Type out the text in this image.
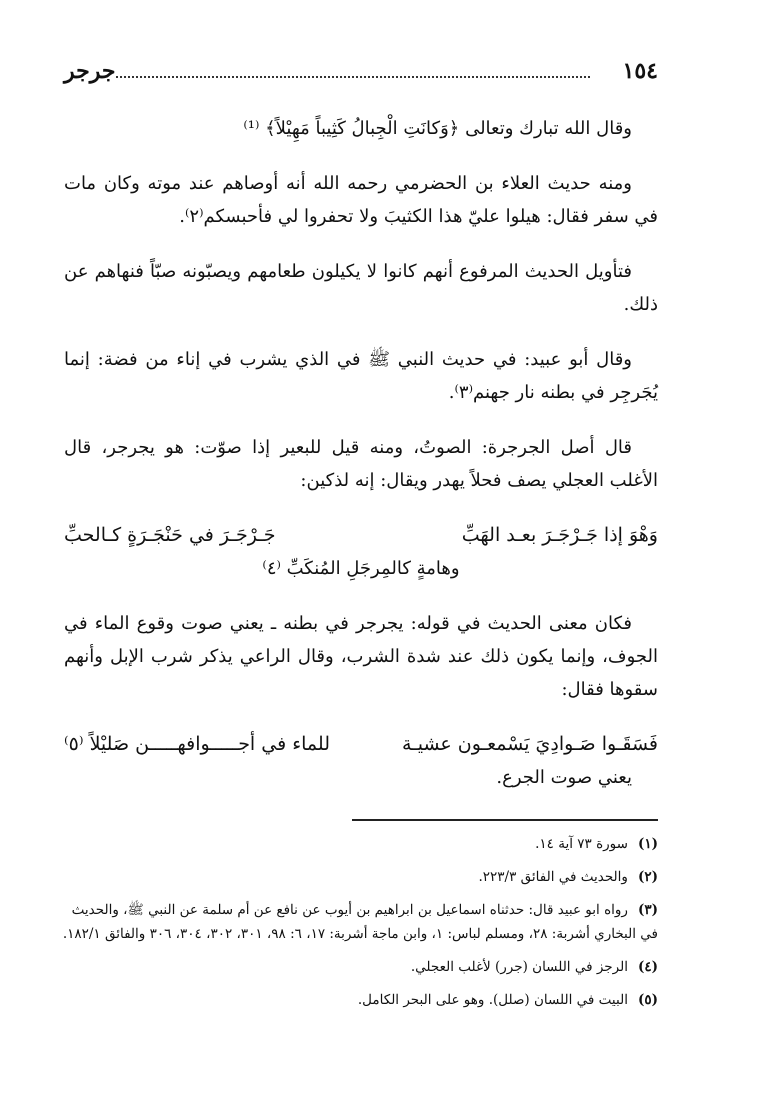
جرجر	١٥٤

وقال الله تبارك وتعالى ﴿وَكانَتِ الْجِبالُ كَثِيباً مَهِيْلاً﴾ ⁽¹⁾

ومنه حديث العلاء بن الحضرمي رحمه الله أنه أوصاهم عند موته وكان مات في سفر فقال: هيلوا عليّ هذا الكثيبَ ولا تحفروا لي فأحبسكم⁽٢⁾.

فتأويل الحديث المرفوع أنهم كانوا لا يكيلون طعامهم ويصبّونه صبّاً فنهاهم عن ذلك.

وقال أبو عبيد: في حديث النبي ﷺ في الذي يشرب في إناء من فضة: إنما يُجَرجِر في بطنه نار جهنم⁽٣⁾.

قال أصل الجرجرة: الصوتُ، ومنه قيل للبعير إذا صوّت: هو يجرجر، قال الأغلب العجلي يصف فحلاً يهدر ويقال: إنه لذكين:

وَهْوَ إذا جَـرْجَـرَ بعـد الهَبِّ
جَـرْجَـرَ في حَنْجَـرَةٍ كـالحبِّ

وهامةٍ كالمِرجَلِ المُنكَبِّ ⁽٤⁾

فكان معنى الحديث في قوله: يجرجر في بطنه ـ يعني صوت وقوع الماء في الجوف، وإنما يكون ذلك عند شدة الشرب، وقال الراعي يذكر شرب الإبل وأنهم سقوها فقال:

فَسَقَـوا صَـوادِيَ يَسْمعـون عشيـة
للماء في أجـــــوافهـــــن صَليْلاً ⁽٥⁾

يعني صوت الجرع.

(١)سورة ٧٣ آية ١٤.

(٢)والحديث في الفائق ٢٢٣/٣.

(٣)رواه ابو عبيد قال: حدثناه اسماعيل بن ابراهيم بن أيوب عن نافع عن أم سلمة عن النبي ﷺ، والحديث في البخاري أشربة: ٢٨، ومسلم لباس: ١، وابن ماجة أشربة: ١٧، ٦: ٩٨، ٣٠١، ٣٠٢، ٣٠٤، ٣٠٦ والفائق ١٨٢/١.

(٤)الرجز في اللسان (جرر) لأغلب العجلي.

(٥)البيت في اللسان (صلل). وهو على البحر الكامل.
